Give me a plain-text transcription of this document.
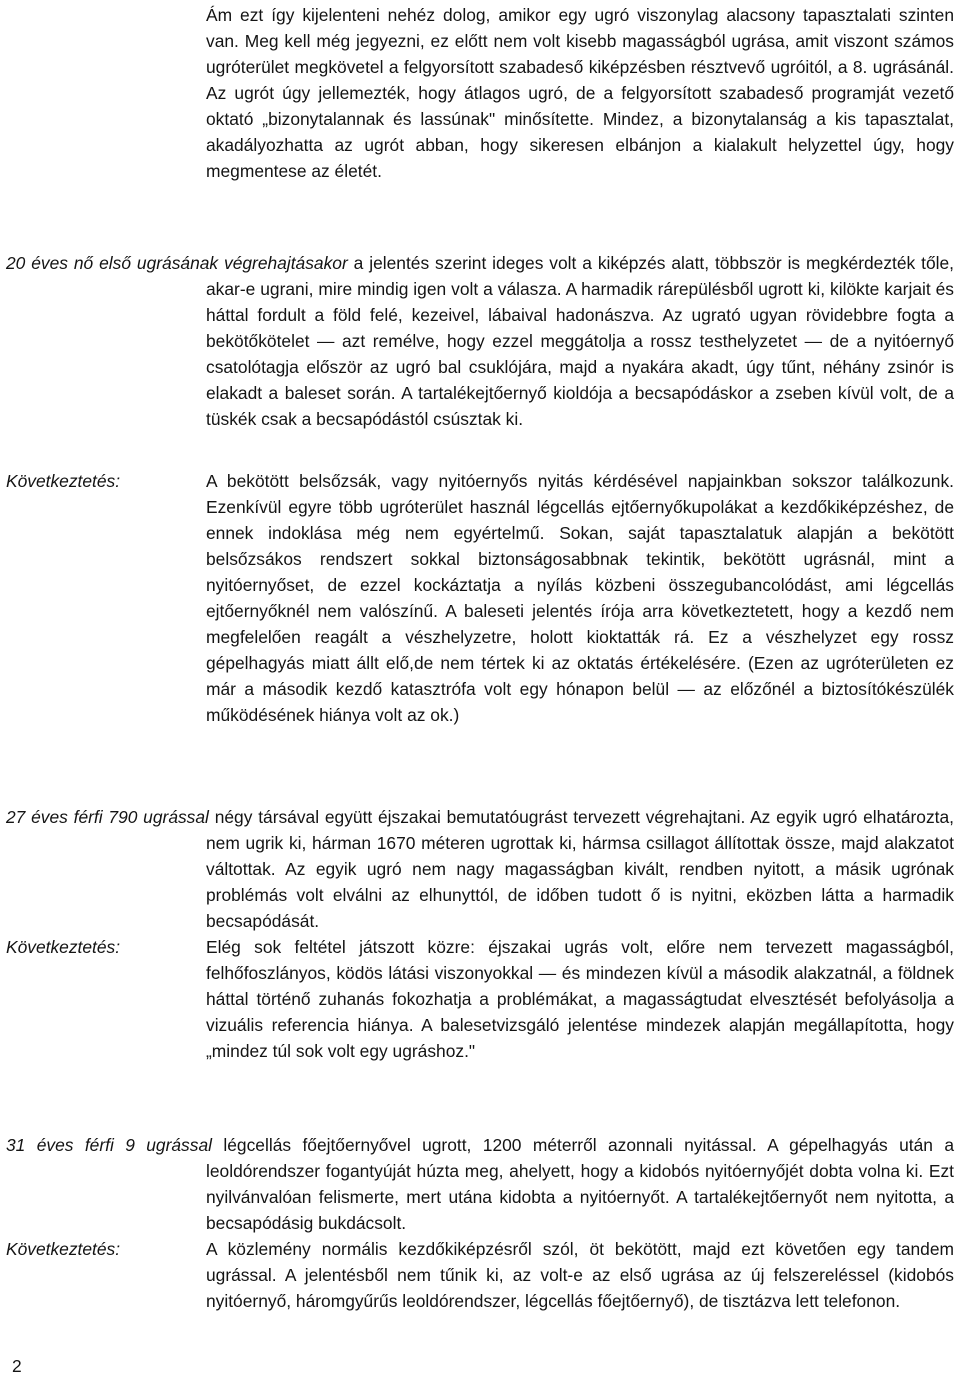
Ám ezt így kijelenteni nehéz dolog, amikor egy ugró viszonylag alacsony tapasztalati szinten van. Meg kell még jegyezni, ez előtt nem volt kisebb magasságból ugrása, amit viszont számos ugróterület megkövetel a felgyorsított szabadeső kiképzésben résztvevő ugróitól, a 8. ugrásánál. Az ugrót úgy jellemezték, hogy átlagos ugró, de a felgyorsított szabadeső programját vezető oktató „bizonytalannak és lassúnak" minősítette. Mindez, a bizonytalanság a kis tapasztalat, akadályozhatta az ugrót abban, hogy sikeresen elbánjon a kialakult helyzettel úgy, hogy megmentese az életét.

20 éves nő első ugrásának végrehajtásakor a jelentés szerint ideges volt a kiképzés alatt, többször is megkérdezték tőle, akar-e ugrani, mire mindig igen volt a válasza. A harmadik rárepülésből ugrott ki, kilökte karjait és háttal fordult a föld felé, kezeivel, lábaival hadonászva. Az ugrató ugyan rövidebbre fogta a bekötőkötelet — azt remélve, hogy ezzel meggátolja a rossz testhelyzetet — de a nyitóernyő csatolótagja először az ugró bal csuklójára, majd a nyakára akadt, úgy tűnt, néhány zsinór is elakadt a baleset során. A tartalékejtőernyő kioldója a becsapódáskor a zseben kívül volt, de a tüskék csak a becsapódástól csúsztak ki.

Következtetés:	A bekötött belsőzsák, vagy nyitóernyős nyitás kérdésével napjainkban sokszor találkozunk. Ezenkívül egyre több ugróterület használ légcellás ejtőernyőkupolákat a kezdőkiképzéshez, de ennek indoklása még nem egyértelmű. Sokan, saját tapasztalatuk alapján a bekötött belsőzsákos rendszert sokkal biztonságosabbnak tekintik, bekötött ugrásnál, mint a nyitóernyőset, de ezzel kockáztatja a nyílás közbeni összegubancolódást, ami légcellás ejtőernyőknél nem valószínű. A baleseti jelentés írója arra következtetett, hogy a kezdő nem megfelelően reagált a vészhelyzetre, holott kioktatták rá. Ez a vészhelyzet egy rossz gépelhagyás miatt állt elő,de nem tértek ki az oktatás értékelésére. (Ezen az ugróterületen ez már a második kezdő katasztrófa volt egy hónapon belül — az előzőnél a biztosítókészülék működésének hiánya volt az ok.)

27 éves férfi 790 ugrással négy társával együtt éjszakai bemutatóugrást tervezett végrehajtani. Az egyik ugró elhatározta, nem ugrik ki, hárman 1670 méteren ugrottak ki, hármsa csillagot állítottak össze, majd alakzatot váltottak. Az egyik ugró nem nagy magasságban kivált, rendben nyitott, a másik ugrónak problémás volt elválni az elhunyttól, de időben tudott ő is nyitni, eközben látta a harmadik becsapódását.

Következtetés:	Elég sok feltétel játszott közre: éjszakai ugrás volt, előre nem tervezett magasságból, felhőfoszlányos, ködös látási viszonyokkal — és mindezen kívül a második alakzatnál, a földnek háttal történő zuhanás fokozhatja a problémákat, a magasságtudat elvesztését befolyásolja a vizuális referencia hiánya. A balesetvizsgáló jelentése mindezek alapján megállapította, hogy „mindez túl sok volt egy ugráshoz."

31 éves férfi 9 ugrással légcellás főejtőernyővel ugrott, 1200 méterről azonnali nyitással. A gépelhagyás után a leoldórendszer fogantyúját húzta meg, ahelyett, hogy a kidobós nyitóernyőjét dobta volna ki. Ezt nyilvánvalóan felismerte, mert utána kidobta a nyitóernyőt. A tartalékejtőernyőt nem nyitotta, a becsapódásig bukdácsolt.

Következtetés:	A közlemény normális kezdőkiképzésről szól, öt bekötött, majd ezt követően egy tandem ugrással. A jelentésből nem tűnik ki, az volt-e az első ugrása az új felszereléssel (kidobós nyitóernyő, háromgyűrűs leoldórendszer, légcellás főejtőernyő), de tisztázva lett telefonon.

2
